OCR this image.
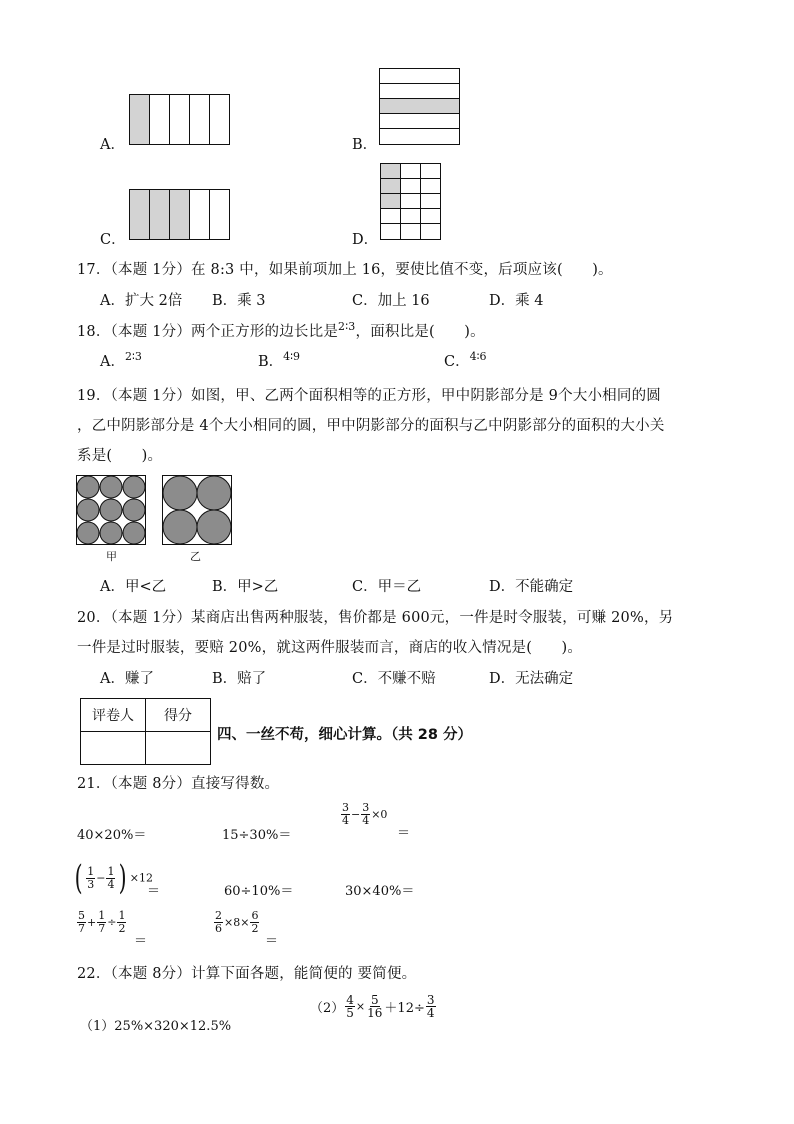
A．	B．
C．	D．
17．（本题 1分）在 8:3 中，如果前项加上 16，要使比值不变，后项应该(　　)。
A．扩大 2倍 B．乘 3	C．加上 16	D．乘 4
18．（本题 1分）两个正方形的边长比是$^{2∶3}$，面积比是(　　)。
A．$^{2∶3}$	B．$^{4∶9}$	C．$^{4∶6}$
19．（本题 1分）如图，甲、乙两个面积相等的正方形，甲中阴影部分是 9个大小相同的圆
，乙中阴影部分是 4个大小相同的圆，甲中阴影部分的面积与乙中阴影部分的面积的大小关
系是(　　)。
甲	乙
A．甲<乙	B．甲>乙	C．甲＝乙	D．不能确定
20．（本题 1分）某商店出售两种服装，售价都是 600元，一件是时令服装，可赚 20%，另
一件是过时服装，要赔 20%，就这两件服装而言，商店的收入情况是(　　)。
A．赚了	B．赔了	C．不赚不赔	D．无法确定
评卷人	得分

四、一丝不苟，细心计算。（共 28 分）
21．（本题 8分）直接写得数。
40×20%＝	15÷30%＝
$\frac{3}{4} - \frac{3}{4} \times 0$
＝
( $\frac{1}{3} - \frac{1}{4}$ ) ×12
＝	60÷10%＝	30×40%＝
$\frac{5}{7} + \frac{1}{7} \div \frac{1}{2}$
＝
$\frac{2}{6} \times 8\times \frac{6}{2}$
＝
22．（本题 8分）计算下面各题，能简便的 要简便。
（1）25%×320×12.5%
$(2) \frac{4}{5} \times \frac{5}{16} +12\div \frac{3}{4}$
